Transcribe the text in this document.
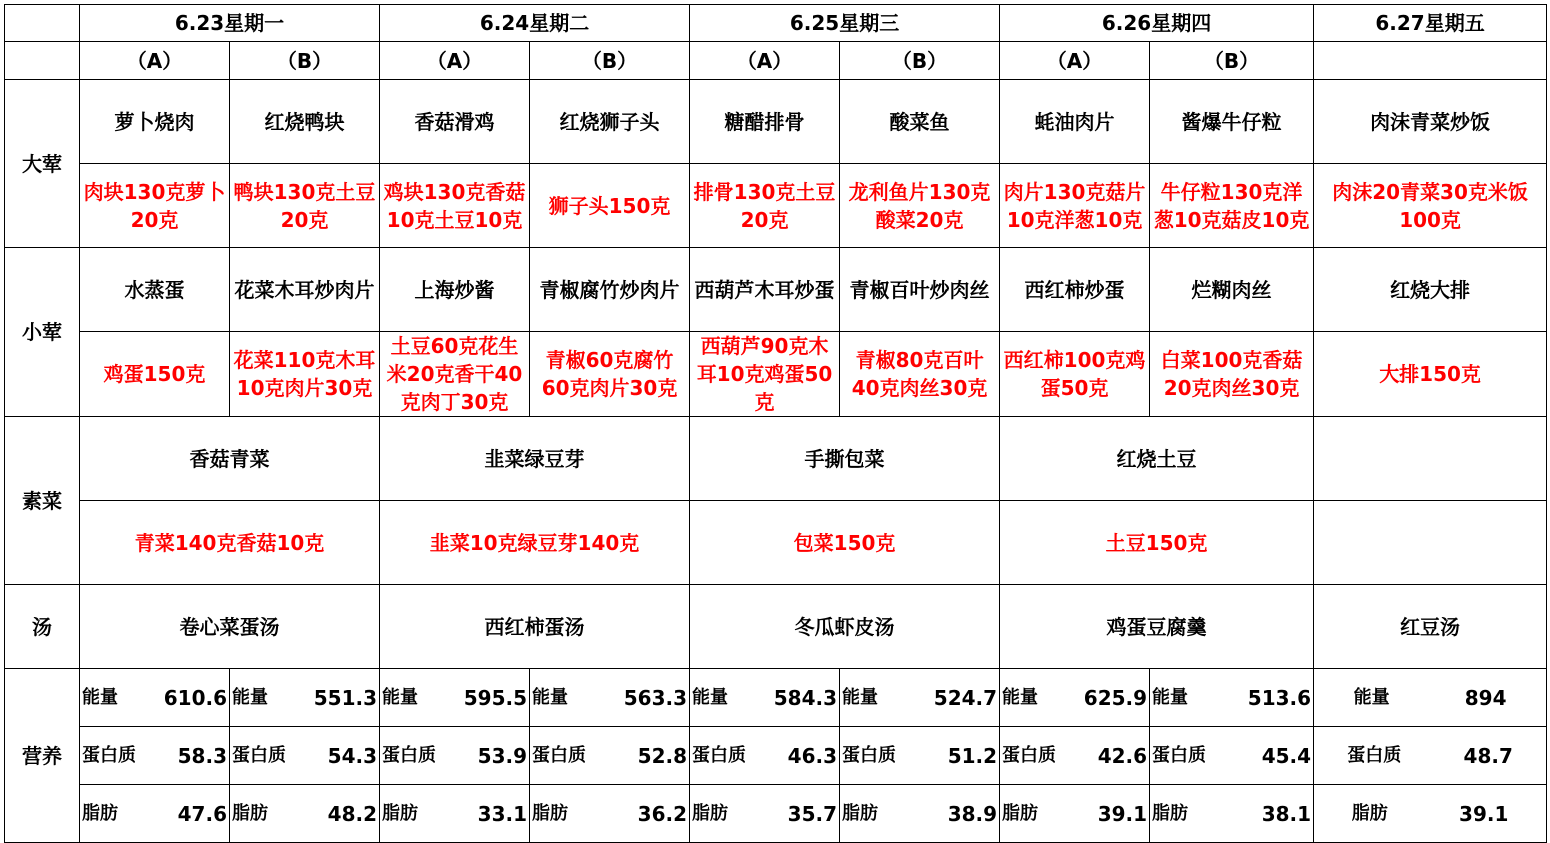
	6.23星期一		6.24星期二		6.25星期三		6.26星期四		6.27星期五
	（A）	（B）	（A）	（B）	（A）	（B）	（A）	（B）	
大荤	萝卜烧肉	红烧鸭块	香菇滑鸡	红烧狮子头	糖醋排骨	酸菜鱼	蚝油肉片	酱爆牛仔粒	肉沫青菜炒饭
	肉块130克萝卜20克	鸭块130克土豆20克	鸡块130克香菇10克土豆10克	狮子头150克	排骨130克土豆20克	龙利鱼片130克酸菜20克	肉片130克菇片10克洋葱10克	牛仔粒130克洋葱10克菇皮10克	肉沫20青菜30克米饭100克
小荤	水蒸蛋	花菜木耳炒肉片	上海炒酱	青椒腐竹炒肉片	西葫芦木耳炒蛋	青椒百叶炒肉丝	西红柿炒蛋	烂糊肉丝	红烧大排
	鸡蛋150克	花菜110克木耳10克肉片30克	土豆60克花生米20克香干40克肉丁30克	青椒60克腐竹60克肉片30克	西葫芦90克木耳10克鸡蛋50克	青椒80克百叶40克肉丝30克	西红柿100克鸡蛋50克	白菜100克香菇20克肉丝30克	大排150克
素菜	香菇青菜		韭菜绿豆芽		手撕包菜		红烧土豆		
	青菜140克香菇10克		韭菜10克绿豆芽140克		包菜150克		土豆150克		
汤	卷心菜蛋汤		西红柿蛋汤		冬瓜虾皮汤		鸡蛋豆腐羹		红豆汤
营养	能量 610.6	能量 551.3	能量 595.5	能量 563.3	能量 584.3	能量 524.7	能量 625.9	能量 513.6	能量 894

	蛋白质 58.3	蛋白质 54.3	蛋白质 53.9	蛋白质 52.8	蛋白质 46.3	蛋白质 51.2	蛋白质 42.6	蛋白质 45.4	蛋白质 48.7

	脂肪 47.6	脂肪 48.2	脂肪 33.1	脂肪 36.2	脂肪 35.7	脂肪 38.9	脂肪 39.1	脂肪 38.1	脂肪 39.1
